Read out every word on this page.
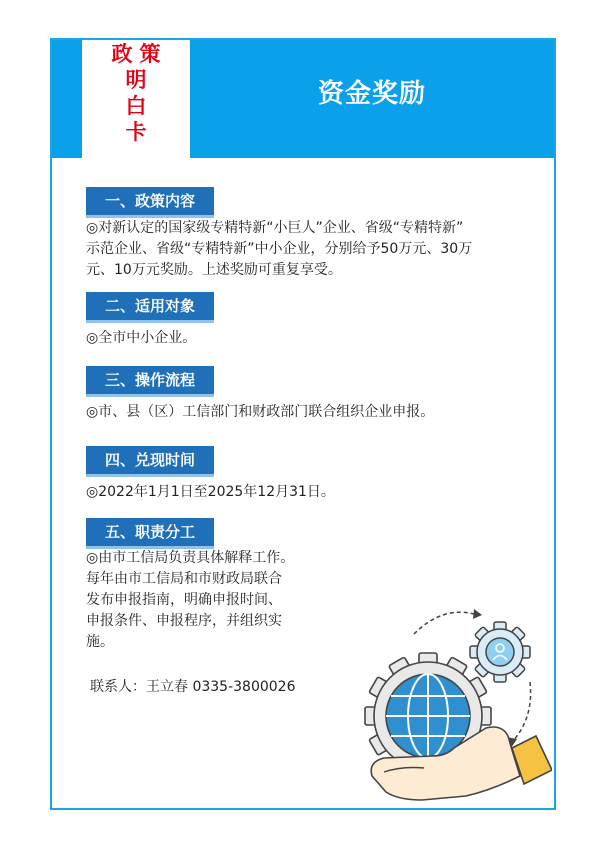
政 策
明
白
卡
资金奖励
一、政策内容
◎对新认定的国家级专精特新“小巨人”企业、省级“专精特新”
示范企业、省级“专精特新”中小企业，分别给予50万元、30万
元、10万元奖励。上述奖励可重复享受。
二、适用对象
◎全市中小企业。
三、操作流程
◎市、县（区）工信部门和财政部门联合组织企业申报。
四、兑现时间
◎2022年1月1日至2025年12月31日。
五、职责分工
◎由市工信局负责具体解释工作。
每年由市工信局和市财政局联合
发布申报指南，明确申报时间、
申报条件、申报程序，并组织实
施。
联系人：王立春 0335-3800026
